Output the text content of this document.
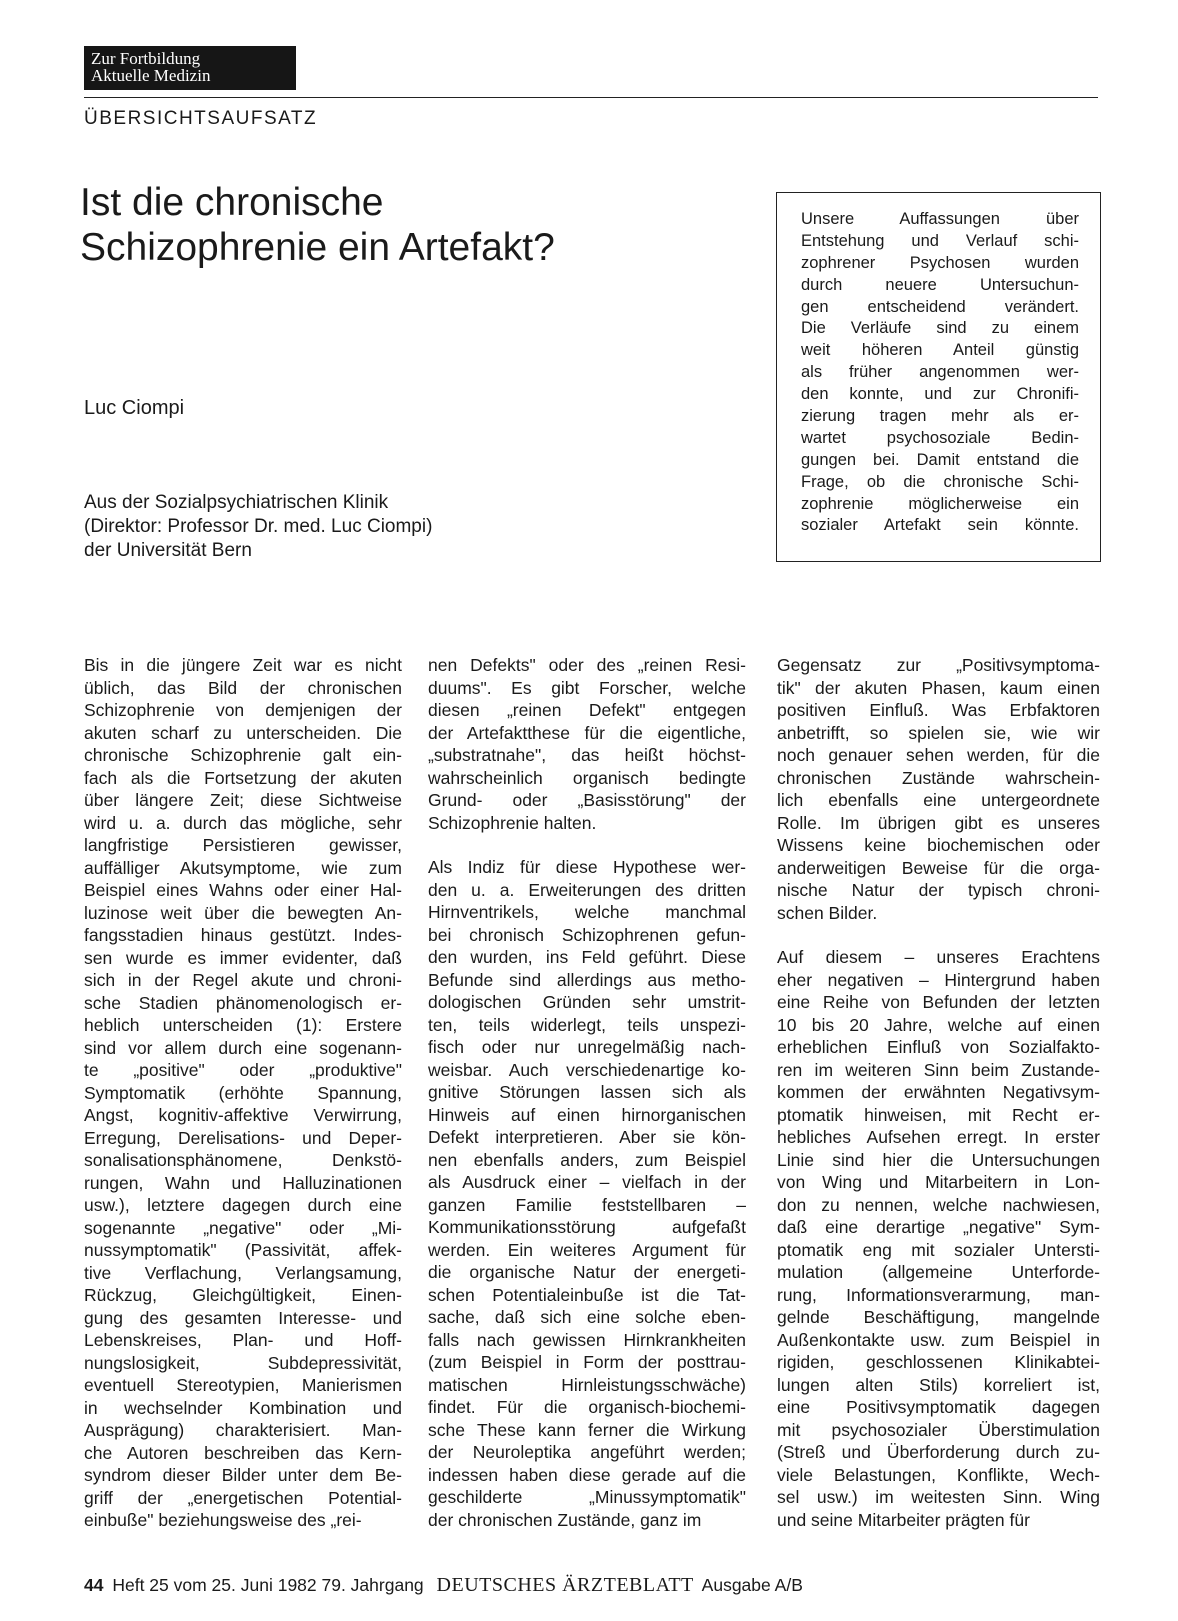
Zur Fortbildung
Aktuelle Medizin
ÜBERSICHTSAUFSATZ
Ist die chronische
Schizophrenie ein Artefakt?
Luc Ciompi
Aus der Sozialpsychiatrischen Klinik
(Direktor: Professor Dr. med. Luc Ciompi)
der Universität Bern
Unsere Auffassungen über
Entstehung und Verlauf schi-
zophrener Psychosen wurden
durch neuere Untersuchun-
gen entscheidend verändert.
Die Verläufe sind zu einem
weit höheren Anteil günstig
als früher angenommen wer-
den konnte, und zur Chronifi-
zierung tragen mehr als er-
wartet psychosoziale Bedin-
gungen bei. Damit entstand die
Frage, ob die chronische Schi-
zophrenie möglicherweise ein
sozialer Artefakt sein könnte.
Bis in die jüngere Zeit war es nicht
üblich, das Bild der chronischen
Schizophrenie von demjenigen der
akuten scharf zu unterscheiden. Die
chronische Schizophrenie galt ein-
fach als die Fortsetzung der akuten
über längere Zeit; diese Sichtweise
wird u. a. durch das mögliche, sehr
langfristige Persistieren gewisser,
auffälliger Akutsymptome, wie zum
Beispiel eines Wahns oder einer Hal-
luzinose weit über die bewegten An-
fangsstadien hinaus gestützt. Indes-
sen wurde es immer evidenter, daß
sich in der Regel akute und chroni-
sche Stadien phänomenologisch er-
heblich unterscheiden (1): Erstere
sind vor allem durch eine sogenann-
te „positive" oder „produktive"
Symptomatik (erhöhte Spannung,
Angst, kognitiv-affektive Verwirrung,
Erregung, Derelisations- und Deper-
sonalisationsphänomene, Denkstö-
rungen, Wahn und Halluzinationen
usw.), letztere dagegen durch eine
sogenannte „negative" oder „Mi-
nussymptomatik" (Passivität, affek-
tive Verflachung, Verlangsamung,
Rückzug, Gleichgültigkeit, Einen-
gung des gesamten Interesse- und
Lebenskreises, Plan- und Hoff-
nungslosigkeit, Subdepressivität,
eventuell Stereotypien, Manierismen
in wechselnder Kombination und
Ausprägung) charakterisiert. Man-
che Autoren beschreiben das Kern-
syndrom dieser Bilder unter dem Be-
griff der „energetischen Potential-
einbuße" beziehungsweise des „rei-
nen Defekts" oder des „reinen Resi-
duums". Es gibt Forscher, welche
diesen „reinen Defekt" entgegen
der Artefaktthese für die eigentliche,
„substratnahe", das heißt höchst-
wahrscheinlich organisch bedingte
Grund- oder „Basisstörung" der
Schizophrenie halten.
Als Indiz für diese Hypothese wer-
den u. a. Erweiterungen des dritten
Hirnventrikels, welche manchmal
bei chronisch Schizophrenen gefun-
den wurden, ins Feld geführt. Diese
Befunde sind allerdings aus metho-
dologischen Gründen sehr umstrit-
ten, teils widerlegt, teils unspezi-
fisch oder nur unregelmäßig nach-
weisbar. Auch verschiedenartige ko-
gnitive Störungen lassen sich als
Hinweis auf einen hirnorganischen
Defekt interpretieren. Aber sie kön-
nen ebenfalls anders, zum Beispiel
als Ausdruck einer – vielfach in der
ganzen Familie feststellbaren –
Kommunikationsstörung aufgefaßt
werden. Ein weiteres Argument für
die organische Natur der energeti-
schen Potentialeinbuße ist die Tat-
sache, daß sich eine solche eben-
falls nach gewissen Hirnkrankheiten
(zum Beispiel in Form der posttrau-
matischen Hirnleistungsschwäche)
findet. Für die organisch-biochemi-
sche These kann ferner die Wirkung
der Neuroleptika angeführt werden;
indessen haben diese gerade auf die
geschilderte „Minussymptomatik"
der chronischen Zustände, ganz im
Gegensatz zur „Positivsymptoma-
tik" der akuten Phasen, kaum einen
positiven Einfluß. Was Erbfaktoren
anbetrifft, so spielen sie, wie wir
noch genauer sehen werden, für die
chronischen Zustände wahrschein-
lich ebenfalls eine untergeordnete
Rolle. Im übrigen gibt es unseres
Wissens keine biochemischen oder
anderweitigen Beweise für die orga-
nische Natur der typisch chroni-
schen Bilder.
Auf diesem – unseres Erachtens
eher negativen – Hintergrund haben
eine Reihe von Befunden der letzten
10 bis 20 Jahre, welche auf einen
erheblichen Einfluß von Sozialfakto-
ren im weiteren Sinn beim Zustande-
kommen der erwähnten Negativsym-
ptomatik hinweisen, mit Recht er-
hebliches Aufsehen erregt. In erster
Linie sind hier die Untersuchungen
von Wing und Mitarbeitern in Lon-
don zu nennen, welche nachwiesen,
daß eine derartige „negative" Sym-
ptomatik eng mit sozialer Untersti-
mulation (allgemeine Unterforde-
rung, Informationsverarmung, man-
gelnde Beschäftigung, mangelnde
Außenkontakte usw. zum Beispiel in
rigiden, geschlossenen Klinikabtei-
lungen alten Stils) korreliert ist,
eine Positivsymptomatik dagegen
mit psychosozialer Überstimulation
(Streß und Überforderung durch zu-
viele Belastungen, Konflikte, Wech-
sel usw.) im weitesten Sinn. Wing
und seine Mitarbeiter prägten für
44 Heft 25 vom 25. Juni 1982 79. Jahrgang DEUTSCHES ÄRZTEBLATT Ausgabe A/B
